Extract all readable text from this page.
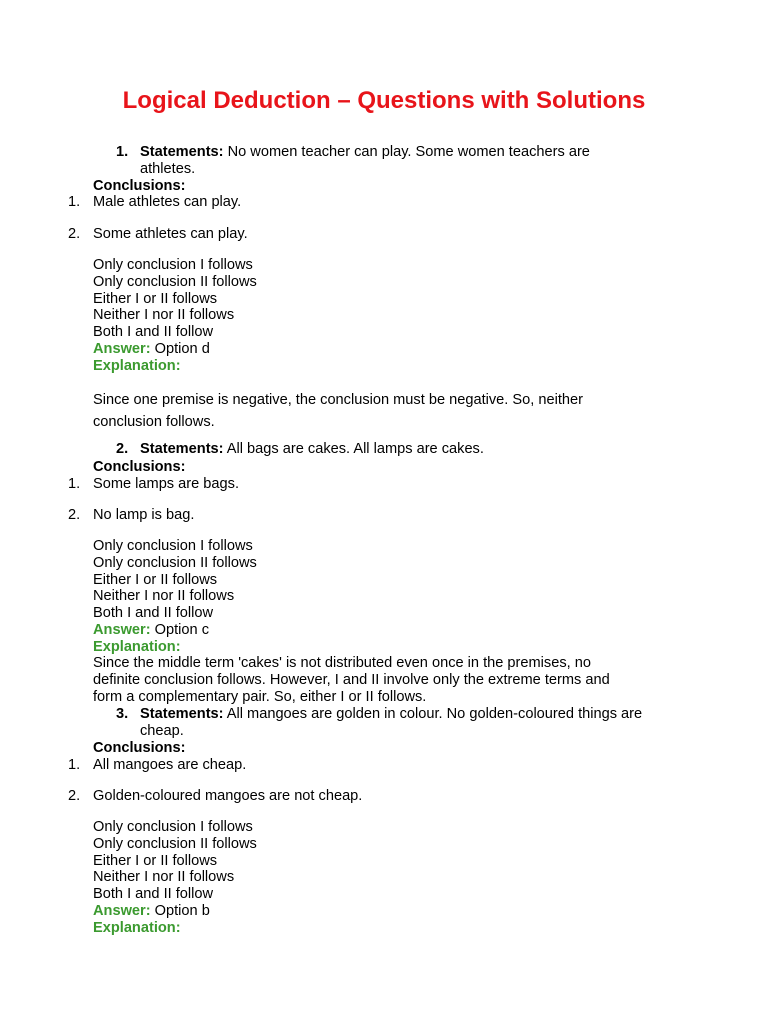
Logical Deduction – Questions with Solutions
1. Statements: No women teacher can play. Some women teachers are
athletes.
Conclusions:
1. Male athletes can play.
2. Some athletes can play.
Only conclusion I follows
Only conclusion II follows
Either I or II follows
Neither I nor II follows
Both I and II follow
Answer: Option d
Explanation:
Since one premise is negative, the conclusion must be negative. So, neither
conclusion follows.
2. Statements: All bags are cakes. All lamps are cakes.
Conclusions:
1. Some lamps are bags.
2. No lamp is bag.
Only conclusion I follows
Only conclusion II follows
Either I or II follows
Neither I nor II follows
Both I and II follow
Answer: Option c
Explanation:
Since the middle term 'cakes' is not distributed even once in the premises, no
definite conclusion follows. However, I and II involve only the extreme terms and
form a complementary pair. So, either I or II follows.
3. Statements: All mangoes are golden in colour. No golden-coloured things are
cheap.
Conclusions:
1. All mangoes are cheap.
2. Golden-coloured mangoes are not cheap.
Only conclusion I follows
Only conclusion II follows
Either I or II follows
Neither I nor II follows
Both I and II follow
Answer: Option b
Explanation:
